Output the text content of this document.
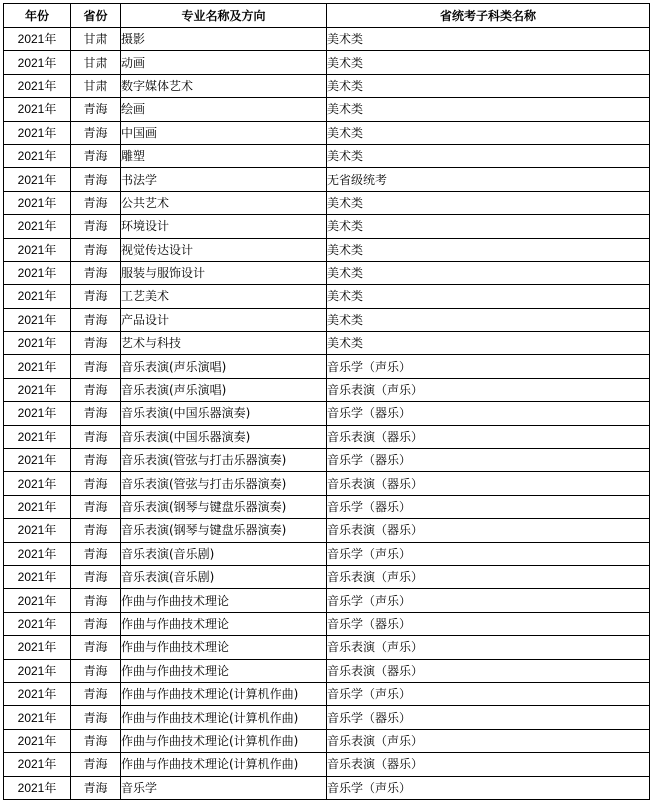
年份	省份	专业名称及方向	省统考子科类名称
2021年	甘肃	摄影	美术类
2021年	甘肃	动画	美术类
2021年	甘肃	数字媒体艺术	美术类
2021年	青海	绘画	美术类
2021年	青海	中国画	美术类
2021年	青海	雕塑	美术类
2021年	青海	书法学	无省级统考
2021年	青海	公共艺术	美术类
2021年	青海	环境设计	美术类
2021年	青海	视觉传达设计	美术类
2021年	青海	服装与服饰设计	美术类
2021年	青海	工艺美术	美术类
2021年	青海	产品设计	美术类
2021年	青海	艺术与科技	美术类
2021年	青海	音乐表演(声乐演唱)	音乐学（声乐）
2021年	青海	音乐表演(声乐演唱)	音乐表演（声乐）
2021年	青海	音乐表演(中国乐器演奏)	音乐学（器乐）
2021年	青海	音乐表演(中国乐器演奏)	音乐表演（器乐）
2021年	青海	音乐表演(管弦与打击乐器演奏)	音乐学（器乐）
2021年	青海	音乐表演(管弦与打击乐器演奏)	音乐表演（器乐）
2021年	青海	音乐表演(钢琴与键盘乐器演奏)	音乐学（器乐）
2021年	青海	音乐表演(钢琴与键盘乐器演奏)	音乐表演（器乐）
2021年	青海	音乐表演(音乐剧)	音乐学（声乐）
2021年	青海	音乐表演(音乐剧)	音乐表演（声乐）
2021年	青海	作曲与作曲技术理论	音乐学（声乐）
2021年	青海	作曲与作曲技术理论	音乐学（器乐）
2021年	青海	作曲与作曲技术理论	音乐表演（声乐）
2021年	青海	作曲与作曲技术理论	音乐表演（器乐）
2021年	青海	作曲与作曲技术理论(计算机作曲)	音乐学（声乐）
2021年	青海	作曲与作曲技术理论(计算机作曲)	音乐学（器乐）
2021年	青海	作曲与作曲技术理论(计算机作曲)	音乐表演（声乐）
2021年	青海	作曲与作曲技术理论(计算机作曲)	音乐表演（器乐）
2021年	青海	音乐学	音乐学（声乐）
